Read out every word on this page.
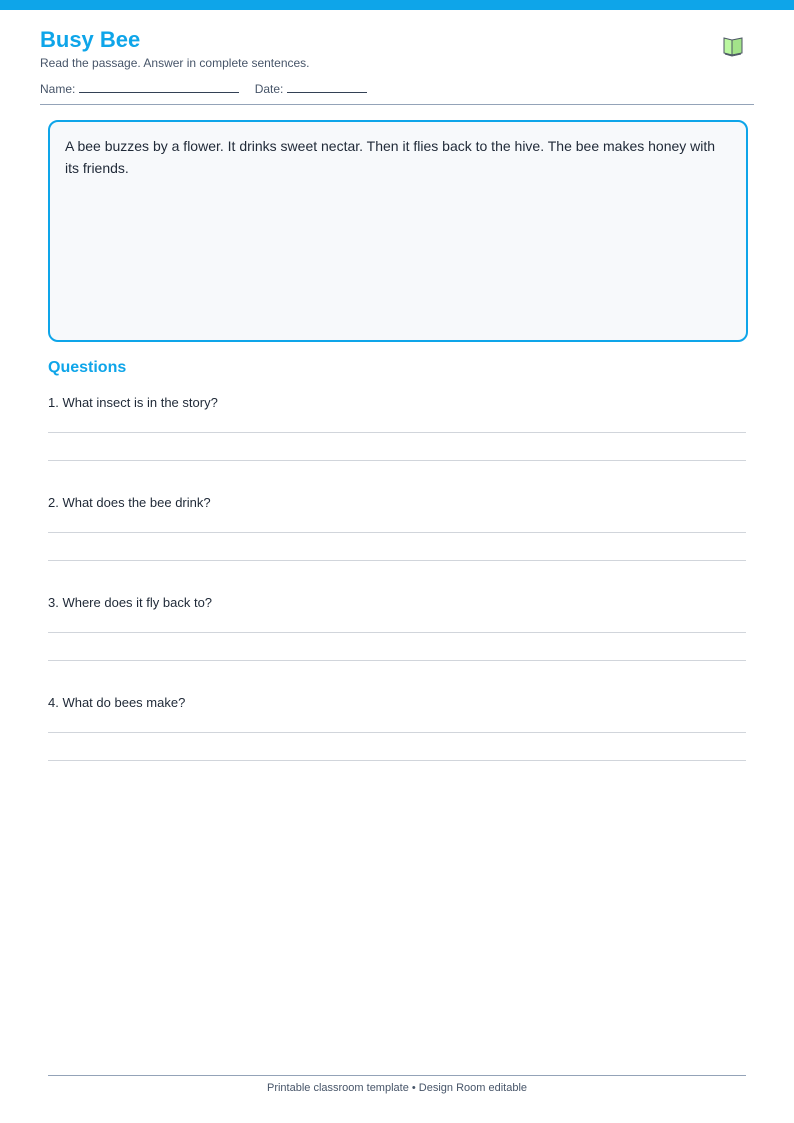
Busy Bee
Read the passage. Answer in complete sentences.
Name:	Date:

A bee buzzes by a flower. It drinks sweet nectar. Then it flies back to the hive. The bee makes honey with its friends.

Questions
1. What insect is in the story?
2. What does the bee drink?
3. Where does it fly back to?
4. What do bees make?
Printable classroom template • Design Room editable
